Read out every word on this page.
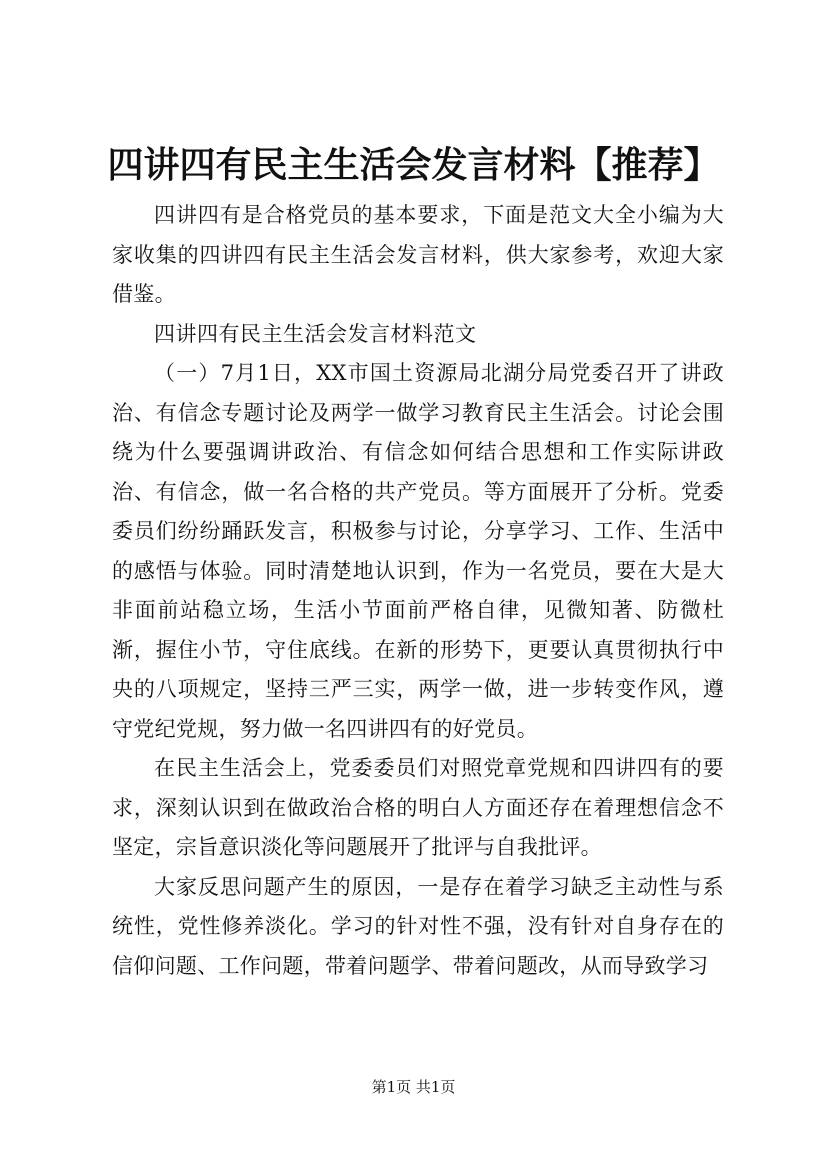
四讲四有民主生活会发言材料【推荐】

四讲四有是合格党员的基本要求，下面是范文大全小编为大家收集的四讲四有民主生活会发言材料，供大家参考，欢迎大家借鉴。

四讲四有民主生活会发言材料范文

（一）7月1日，XX市国土资源局北湖分局党委召开了讲政治、有信念专题讨论及两学一做学习教育民主生活会。讨论会围绕为什么要强调讲政治、有信念如何结合思想和工作实际讲政治、有信念，做一名合格的共产党员。等方面展开了分析。党委委员们纷纷踊跃发言，积极参与讨论，分享学习、工作、生活中的感悟与体验。同时清楚地认识到，作为一名党员，要在大是大非面前站稳立场，生活小节面前严格自律，见微知著、防微杜渐，握住小节，守住底线。在新的形势下，更要认真贯彻执行中央的八项规定，坚持三严三实，两学一做，进一步转变作风，遵守党纪党规，努力做一名四讲四有的好党员。

在民主生活会上，党委委员们对照党章党规和四讲四有的要求，深刻认识到在做政治合格的明白人方面还存在着理想信念不坚定，宗旨意识淡化等问题展开了批评与自我批评。

大家反思问题产生的原因，一是存在着学习缺乏主动性与系统性，党性修养淡化。学习的针对性不强，没有针对自身存在的信仰问题、工作问题，带着问题学、带着问题改，从而导致学习

第1页 共1页
